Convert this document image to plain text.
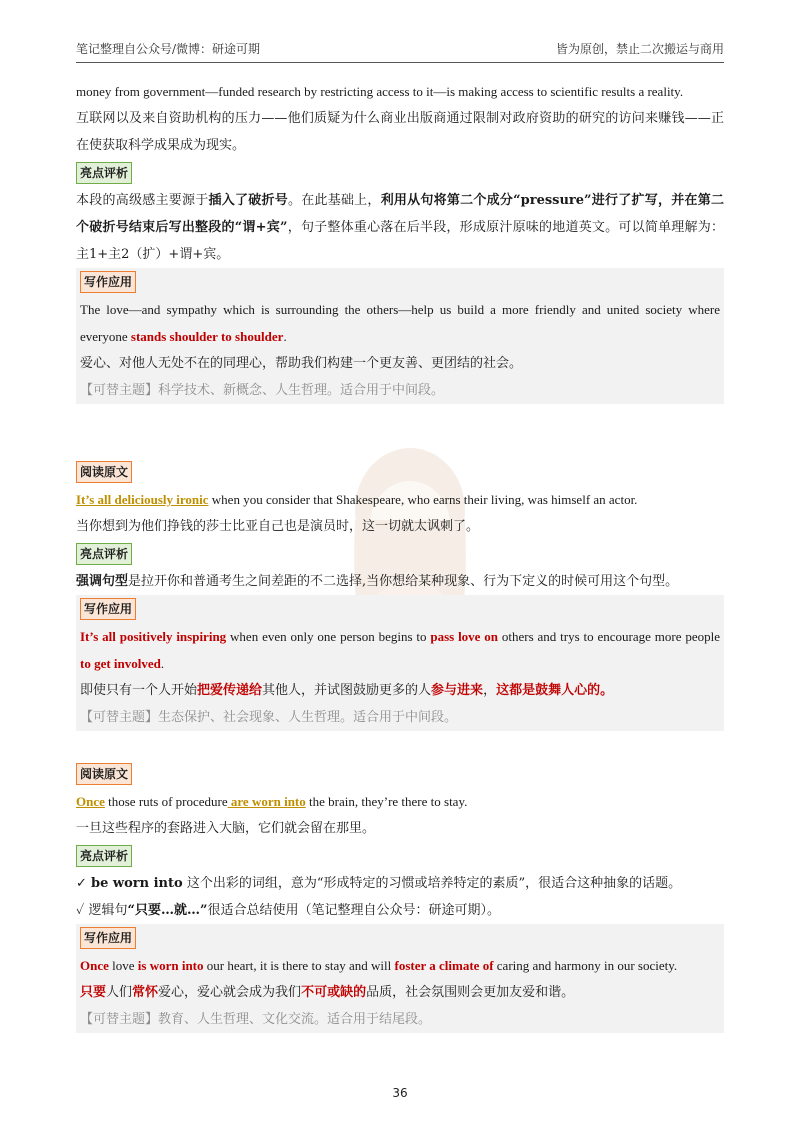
笔记整理自公众号/微博：研途可期	皆为原创，禁止二次搬运与商用

money from government—funded research by restricting access to it—is making access to scientific results a reality.

互联网以及来自资助机构的压力——他们质疑为什么商业出版商通过限制对政府资助的研究的访问来赚钱——正在使获取科学成果成为现实。

亮点评析

本段的高级感主要源于插入了破折号。在此基础上，利用从句将第二个成分“pressure”进行了扩写，并在第二个破折号结束后写出整段的“谓+宾”，句子整体重心落在后半段，形成原汁原味的地道英文。可以简单理解为：主1+主2（扩）+谓+宾。

写作应用

The love—and sympathy which is surrounding the others—help us build a more friendly and united society where everyone stands shoulder to shoulder.

爱心、对他人无处不在的同理心，帮助我们构建一个更友善、更团结的社会。

【可替主题】科学技术、新概念、人生哲理。适合用于中间段。

阅读原文

It’s all deliciously ironic when you consider that Shakespeare, who earns their living, was himself an actor.

当你想到为他们挣钱的莎士比亚自己也是演员时，这一切就太讽刺了。

亮点评析

强调句型是拉开你和普通考生之间差距的不二选择,当你想给某种现象、行为下定义的时候可用这个句型。

写作应用

It’s all positively inspiring when even only one person begins to pass love on others and trys to encourage more people to get involved.

即使只有一个人开始把爱传递给其他人，并试图鼓励更多的人参与进来，这都是鼓舞人心的。

【可替主题】生态保护、社会现象、人生哲理。适合用于中间段。

阅读原文

Once those ruts of procedure are worn into the brain, they’re there to stay.

一旦这些程序的套路进入大脑，它们就会留在那里。

亮点评析

✓ be worn into 这个出彩的词组，意为“形成特定的习惯或培养特定的素质”，很适合这种抽象的话题。

✓ 逻辑句“只要…就…”很适合总结使用（笔记整理自公众号：研途可期）。

写作应用

Once love is worn into our heart, it is there to stay and will foster a climate of caring and harmony in our society.

只要人们常怀爱心，爱心就会成为我们不可或缺的品质，社会氛围则会更加友爱和谐。

【可替主题】教育、人生哲理、文化交流。适合用于结尾段。

36
